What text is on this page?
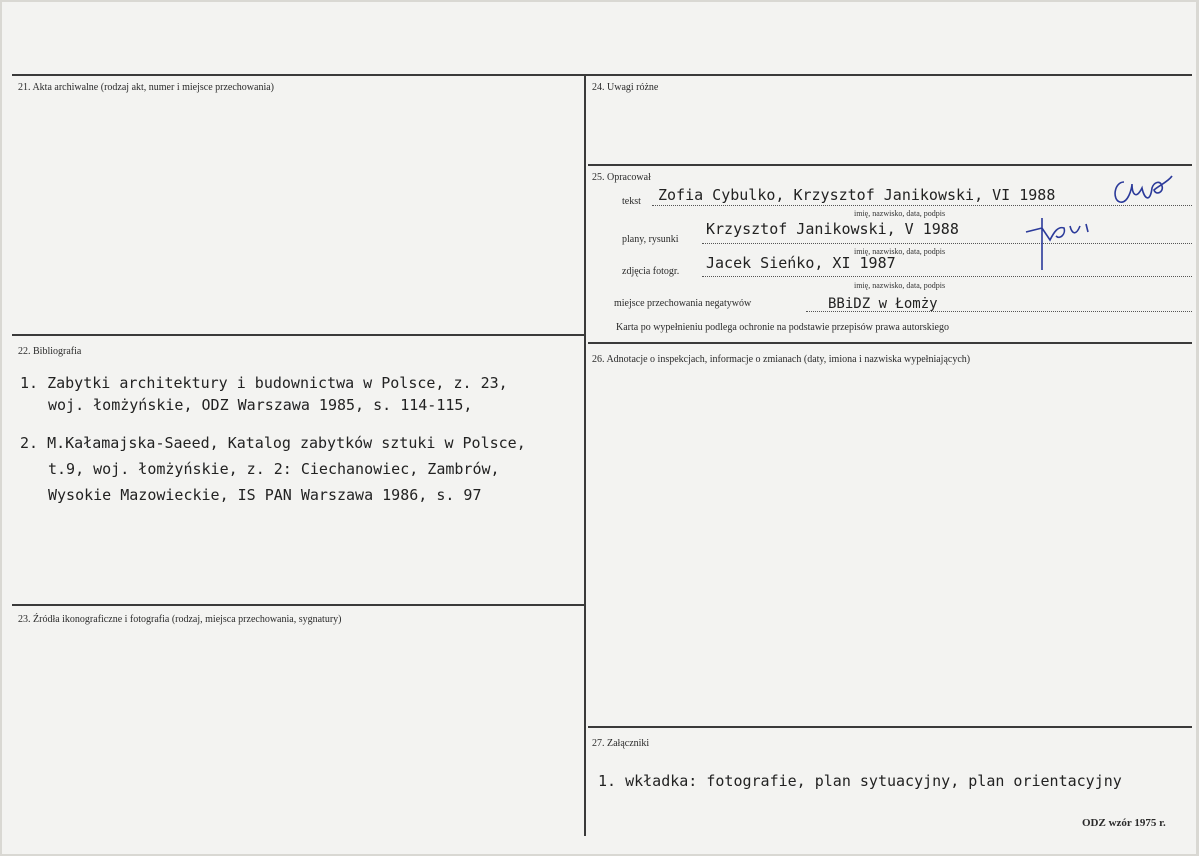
21. Akta archiwalne (rodzaj akt, numer i miejsce przechowania)
22. Bibliografia
1. Zabytki architektury i budownictwa w Polsce, z. 23,
woj. łomżyńskie, ODZ Warszawa 1985, s. 114-115,
2. M.Kałamajska-Saeed, Katalog zabytków sztuki w Polsce,
t.9, woj. łomżyńskie, z. 2: Ciechanowiec, Zambrów,
Wysokie Mazowieckie, IS PAN Warszawa 1986, s. 97
23. Źródła ikonograficzne i fotografia (rodzaj, miejsca przechowania, sygnatury)
24. Uwagi różne
25. Opracował
tekst Zofia Cybulko, Krzysztof Janikowski, VI 1988
imię, nazwisko, data, podpis
plany, rysunki
Krzysztof Janikowski, V 1988
imię, nazwisko, data, podpis
zdjęcia fotogr. Jacek Sieńko, XI 1987
imię, nazwisko, data, podpis
miejsce przechowania negatywów	BBiDZ w Łomży
Karta po wypełnieniu podlega ochronie na podstawie przepisów prawa autorskiego
26. Adnotacje o inspekcjach, informacje o zmianach (daty, imiona i nazwiska wypełniających)
27. Załączniki
1. wkładka: fotografie, plan sytuacyjny, plan orientacyjny
ODZ wzór 1975 r.
